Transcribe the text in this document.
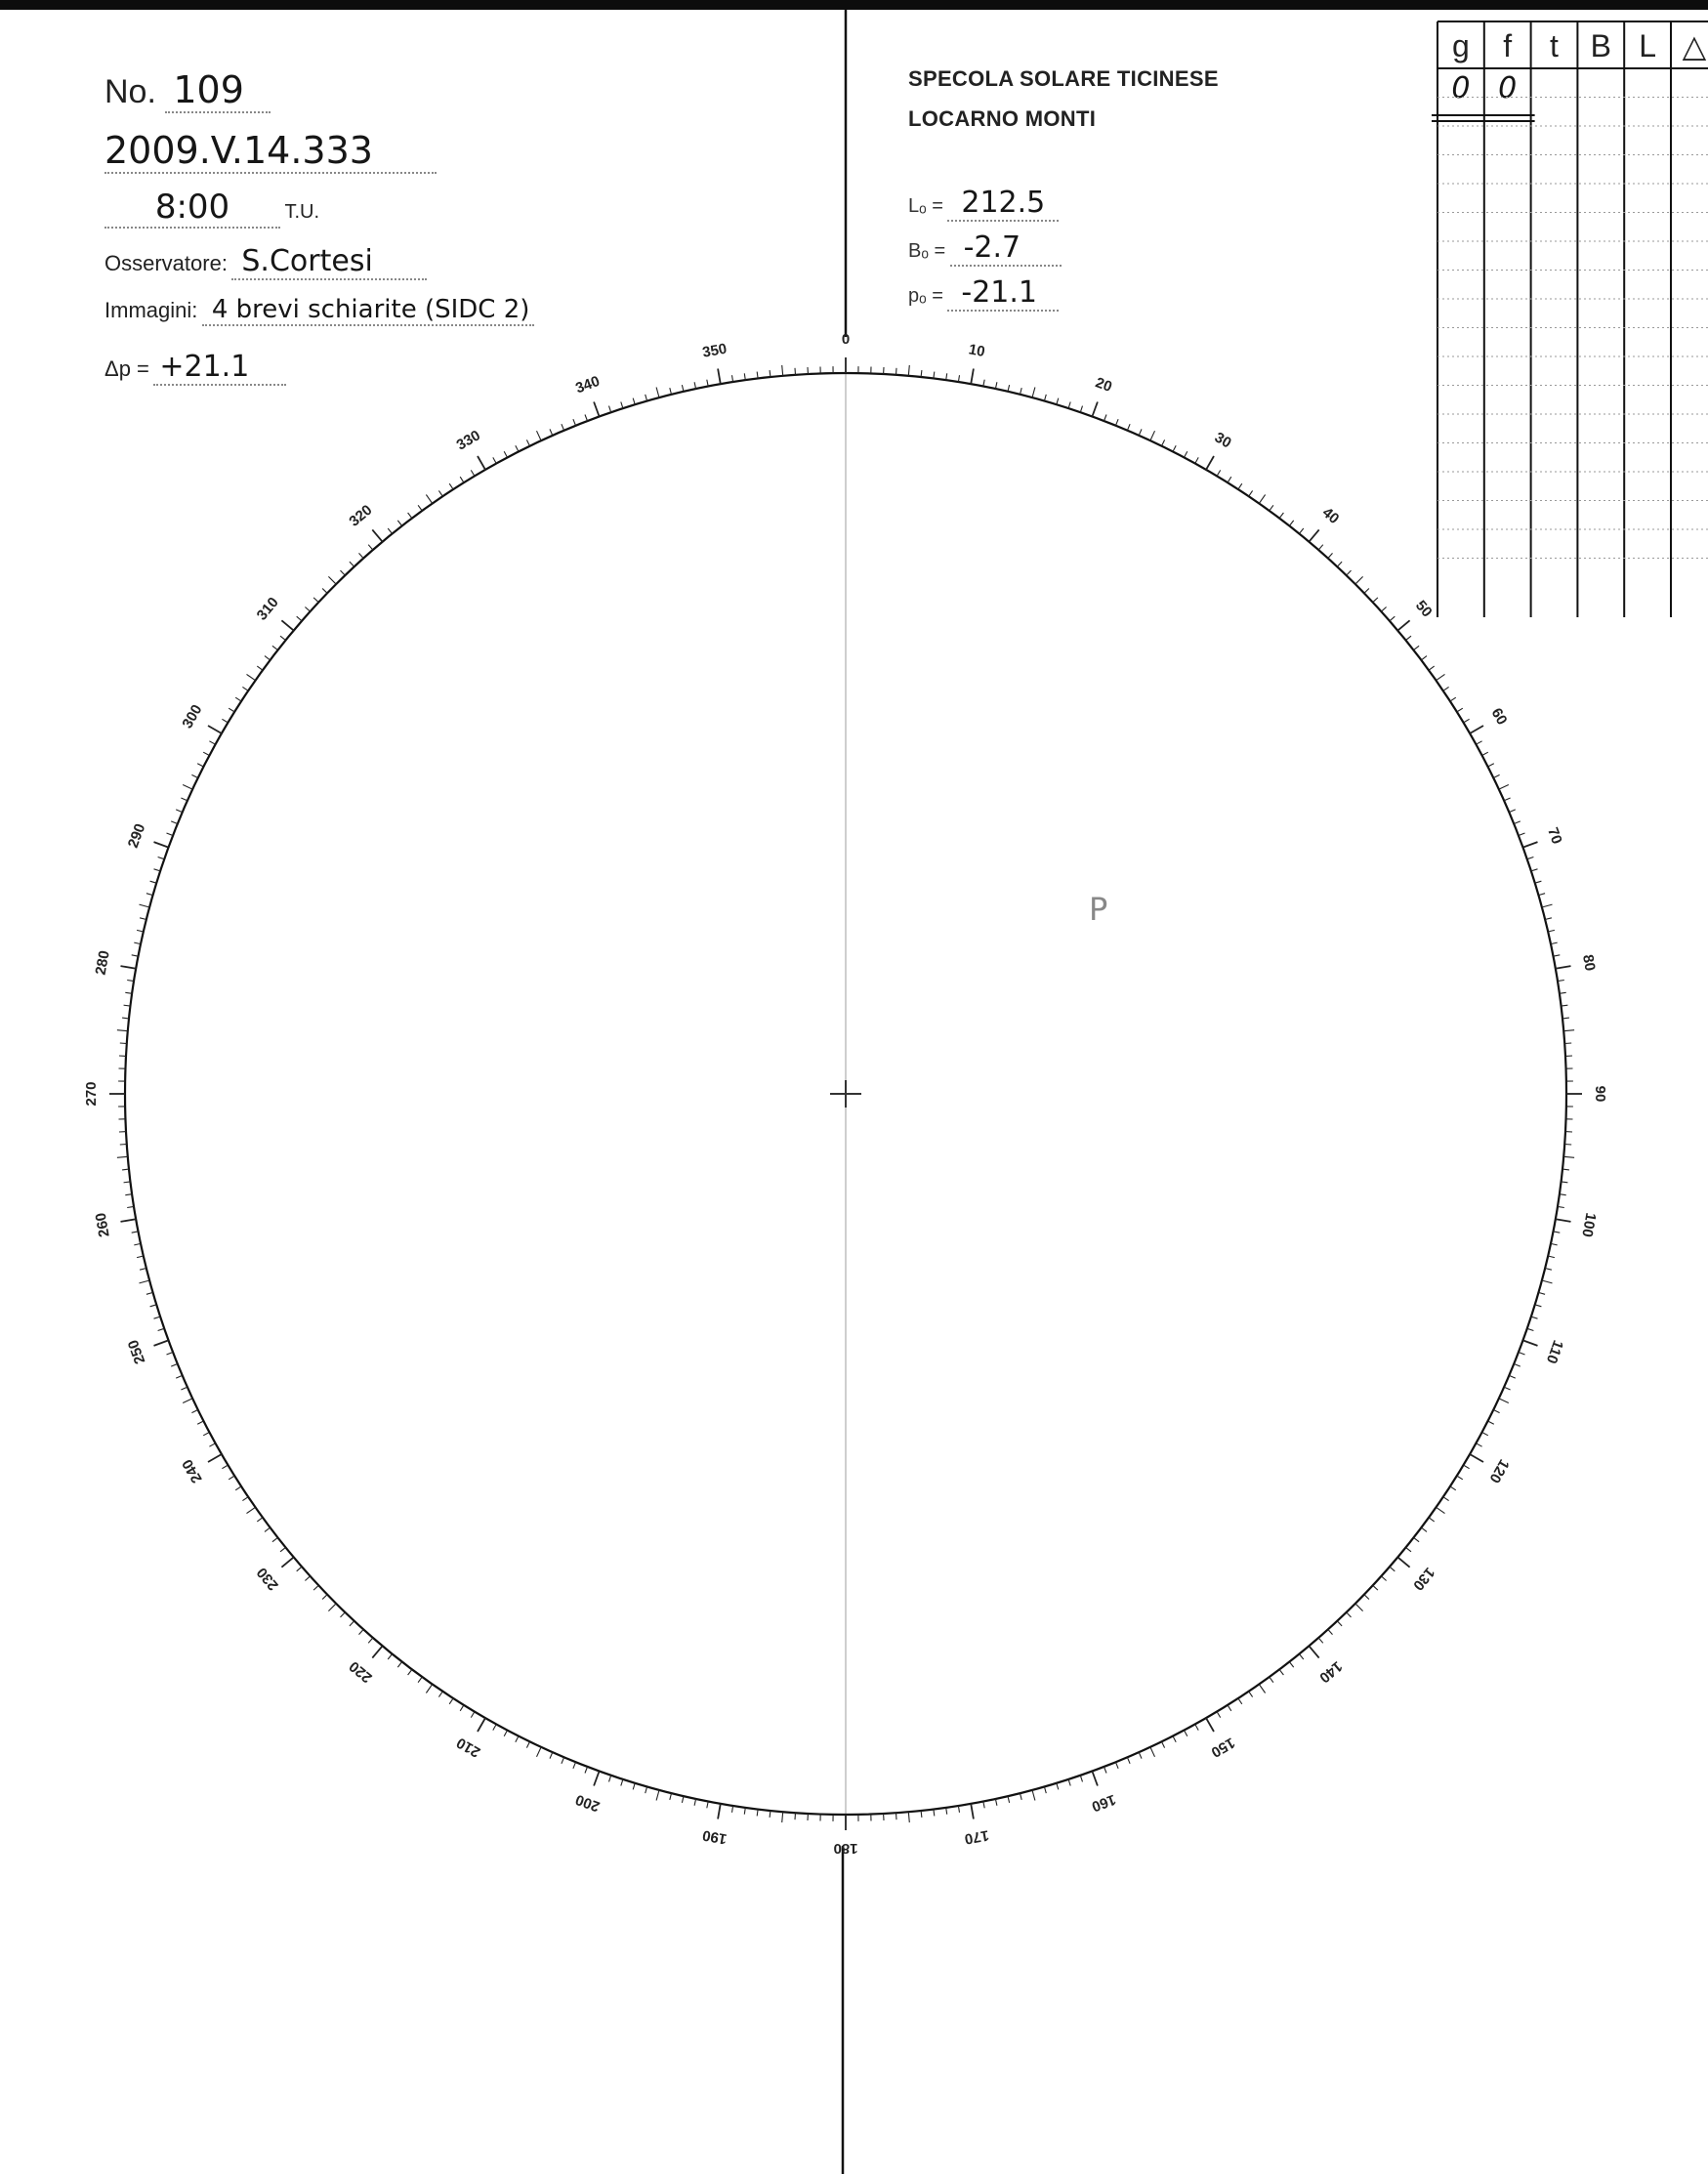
0
10
20
30
40
50
60
70
80
90
100
110
120
130
140
150
160
170
180
190
200
210
220
230
240
250
260
270
280
290
300
310
320
330
340
350
g f t B L △
0 0
No. 109
2009.V.14.333
8:00	T.U.
Osservatore: S.Cortesi
Immagini: 4 brevi schiarite (SIDC 2)
Δp = +21.1
SPECOLA SOLARE TICINESE
LOCARNO MONTI
Lₒ = 212.5
Bₒ = -2.7
pₒ = -21.1
P
